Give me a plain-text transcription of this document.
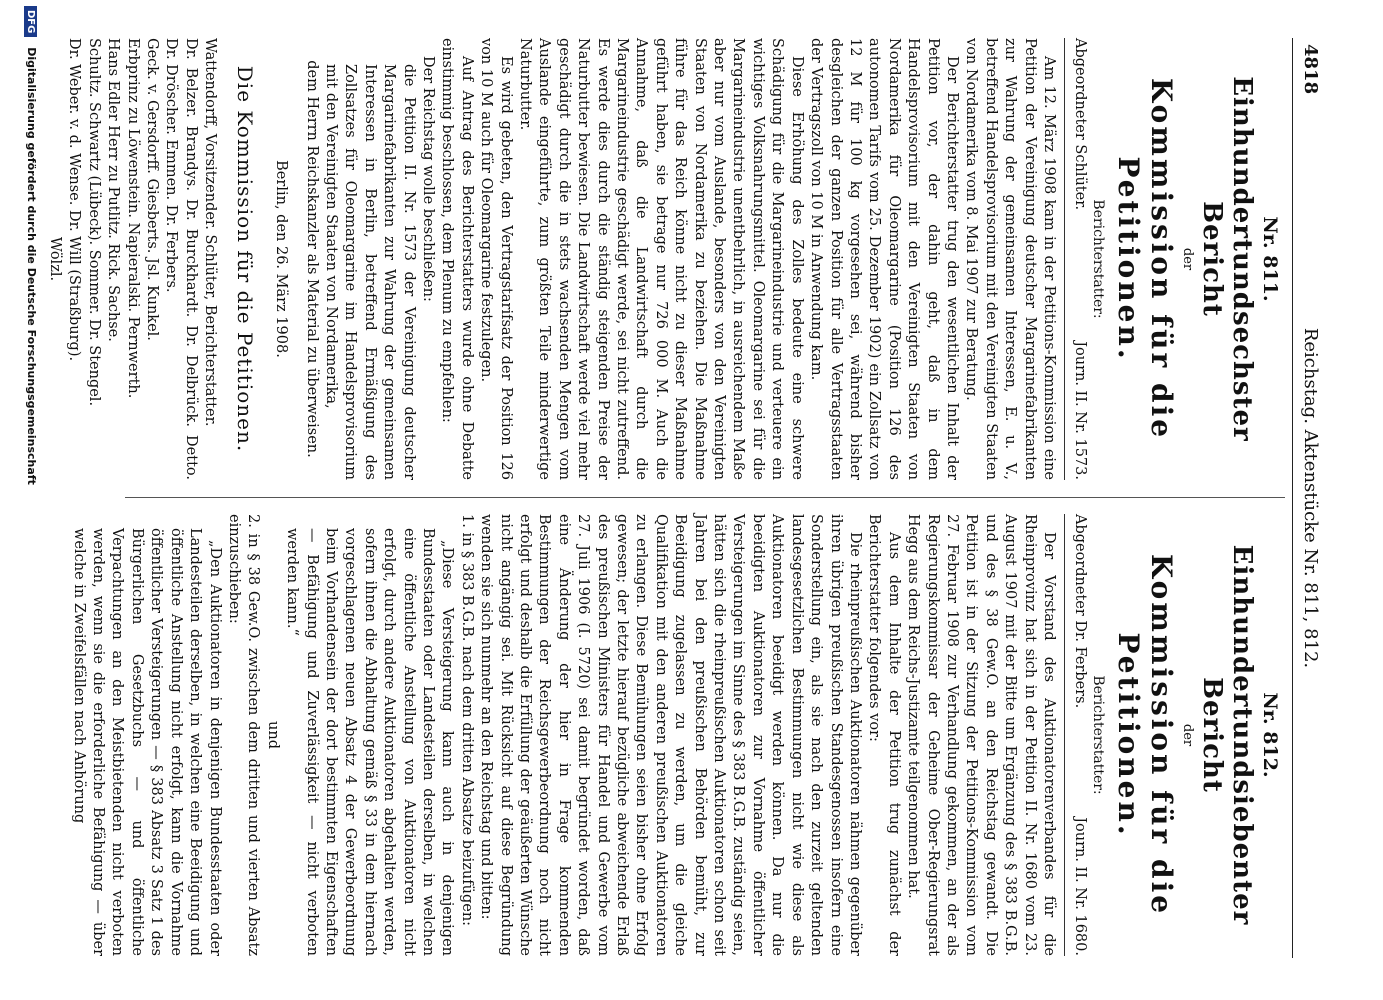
4818
Reichstag. Aktenstücke Nr. 811, 812.
Nr. 811.
Einhundertundsechster Bericht
der
Kommission für die Petitionen.
Berichterstatter:
Abgeordneter Schlüter.
Journ. II. Nr. 1573.

Am 12. März 1908 kam in der Petitions-Kommission eine Petition der Vereinigung deutscher Margarinefabrikanten zur Wahrung der gemeinsamen Interessen, E. u. V., betreffend Handelsprovisorium mit den Vereinigten Staaten von Nordamerika vom 8. Mai 1907 zur Beratung.

Der Berichterstatter trug den wesentlichen Inhalt der Petition vor, der dahin geht, daß in dem Handelsprovisorium mit den Vereinigten Staaten von Nordamerika für Oleomargarine (Position 126 des autonomen Tarifs vom 25. Dezember 1902) ein Zollsatz von 12 M für 100 kg vorgesehen sei, während bisher desgleichen der ganzen Position für alle Vertragsstaaten der Vertragszoll von 10 M in Anwendung kam.

Diese Erhöhung des Zolles bedeute eine schwere Schädigung für die Margarineindustrie und verteuere ein wichtiges Volksnahrungsmittel. Oleomargarine sei für die Margarineindustrie unentbehrlich, in ausreichendem Maße aber nur vom Auslande, besonders von den Vereinigten Staaten von Nordamerika zu beziehen. Die Maßnahme führe für das Reich könne nicht zu dieser Maßnahme geführt haben, sie betrage nur 726 000 M. Auch die Annahme, daß die Landwirtschaft durch die Margarineindustrie geschädigt werde, sei nicht zutreffend. Es werde dies durch die ständig steigenden Preise der Naturbutter bewiesen. Die Landwirtschaft werde viel mehr geschädigt durch die in stets wachsenden Mengen vom Auslande eingeführte, zum größten Teile minderwertige Naturbutter.

Es wird gebeten, den Vertragstarifsatz der Position 126 von 10 M auch für Oleomargarine festzulegen.

Auf Antrag des Berichterstatters wurde ohne Debatte einstimmig beschlossen, dem Plenum zu empfehlen:

Der Reichstag wolle beschließen:

die Petition II. Nr. 1573 der Vereinigung deutscher Margarinefabrikanten zur Wahrung der gemeinsamen Interessen in Berlin, betreffend Ermäßigung des Zollsatzes für Oleomargarine im Handelsprovisorium mit den Vereinigten Staaten von Nordamerika,

dem Herrn Reichskanzler als Material zu überweisen.

Berlin, den 26. März 1908.
Die Kommission für die Petitionen.

Wattendorff, Vorsitzender. Schlüter, Berichterstatter.

Dr. Belzer. Brandys. Dr. Burckhardt. Dr. Delbrück. Detto. Dr. Dröscher. Emmen. Dr. Ferbers.

Geck. v. Gersdorff. Giesberts. Jsl. Kunkel.

Erbprinz zu Löwenstein. Napieralski. Pernwerth.

Hans Edler Herr zu Putlitz. Rick. Sachse.

Schultz. Schwartz (Lübeck). Sommer. Dr. Stengel.

Dr. Weber. v. d. Wense. Dr. Will (Straßburg).

Wölzl.

Nr. 812.
Einhundertundsiebenter Bericht
der
Kommission für die Petitionen.
Berichterstatter:
Abgeordneter Dr. Ferbers.
Journ. II. Nr. 1680.

Der Vorstand des Auktionatorenverbandes für die Rheinprovinz hat sich in der Petition II. Nr. 1680 vom 23. August 1907 mit der Bitte um Ergänzung des § 383 B.G.B. und des § 38 Gew.O. an den Reichstag gewandt. Die Petition ist in der Sitzung der Petitions-Kommission vom 27. Februar 1908 zur Verhandlung gekommen, an der als Regierungskommissar der Geheime Ober-Regierungsrat Hegg aus dem Reichs-Justizamte teilgenommen hat.

Aus dem Inhalte der Petition trug zunächst der Berichterstatter folgendes vor:

Die rheinpreußischen Auktionatoren nähmen gegenüber ihren übrigen preußischen Standesgenossen insofern eine Sonderstellung ein, als sie nach den zurzeit geltenden landesgesetzlichen Bestimmungen nicht wie diese als Auktionatoren beeidigt werden können. Da nur die beeidigten Auktionatoren zur Vornahme öffentlicher Versteigerungen im Sinne des § 383 B.G.B. zuständig seien, hätten sich die rheinpreußischen Auktionatoren schon seit Jahren bei den preußischen Behörden bemüht, zur Beeidigung zugelassen zu werden, um die gleiche Qualifikation mit den anderen preußischen Auktionatoren zu erlangen. Diese Bemühungen seien bisher ohne Erfolg gewesen; der letzte hierauf bezügliche abweichende Erlaß des preußischen Ministers für Handel und Gewerbe vom 27. Juli 1906 (I. 5720) sei damit begründet worden, daß eine Änderung der hier in Frage kommenden Bestimmungen der Reichsgewerbeordnung noch nicht erfolgt und deshalb die Erfüllung der geäußerten Wünsche nicht angängig sei. Mit Rücksicht auf diese Begründung wenden sie sich nunmehr an den Reichstag und bitten:

1. in § 383 B.G.B. nach dem dritten Absatze beizufügen:

„Diese Versteigerung kann auch in denjenigen Bundesstaaten oder Landesteilen derselben, in welchen eine öffentliche Anstellung von Auktionatoren nicht erfolgt, durch andere Auktionatoren abgehalten werden, sofern ihnen die Abhaltung gemäß § 33 in dem hiernach vorgeschlagenen neuen Absatz 4 der Gewerbeordnung beim Vorhandensein der dort bestimmten Eigenschaften — Befähigung und Zuverlässigkeit — nicht verboten werden kann.“

und

2. in § 38 Gew.O. zwischen dem dritten und vierten Absatz einzuschieben:

„Den Auktionatoren in denjenigen Bundesstaaten oder Landesteilen derselben, in welchen eine Beeidigung und öffentliche Anstellung nicht erfolgt, kann die Vornahme öffentlicher Versteigerungen — § 383 Absatz 3 Satz 1 des Bürgerlichen Gesetzbuchs — und öffentliche Verpachtungen an den Meistbietenden nicht verboten werden, wenn sie die erforderliche Befähigung — über welche in Zweifelsfällen nach Anhörung

DFG Digitalisierung gefördert durch die Deutsche Forschungsgemeinschaft
